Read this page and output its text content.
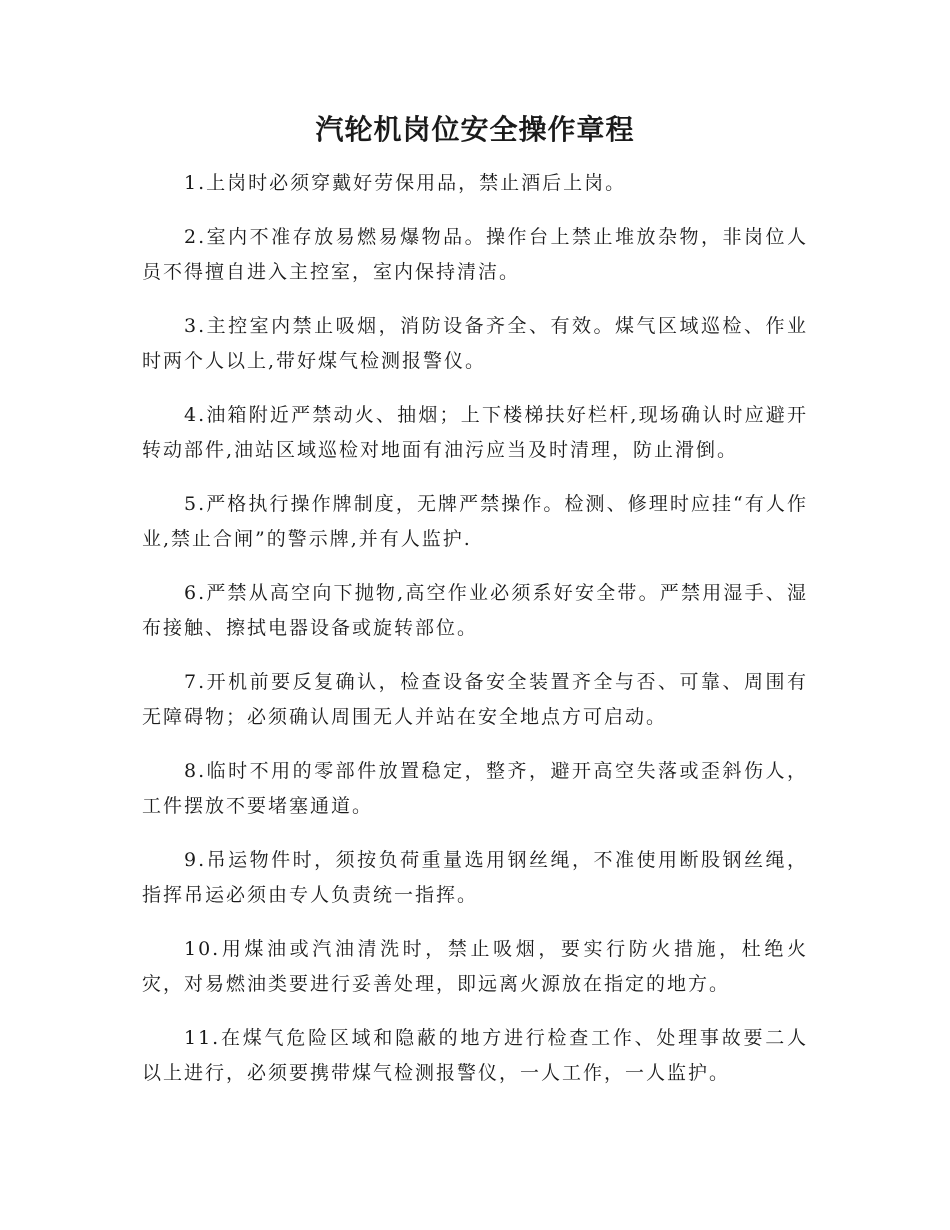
汽轮机岗位安全操作章程
1.上岗时必须穿戴好劳保用品，禁止酒后上岗。
2.室内不准存放易燃易爆物品。操作台上禁止堆放杂物，非岗位人员不得擅自进入主控室，室内保持清洁。
3.主控室内禁止吸烟，消防设备齐全、有效。煤气区域巡检、作业时两个人以上,带好煤气检测报警仪。
4.油箱附近严禁动火、抽烟；上下楼梯扶好栏杆,现场确认时应避开转动部件,油站区域巡检对地面有油污应当及时清理，防止滑倒。
5.严格执行操作牌制度，无牌严禁操作。检测、修理时应挂“有人作业,禁止合闸”的警示牌,并有人监护.
6.严禁从高空向下抛物,高空作业必须系好安全带。严禁用湿手、湿布接触、擦拭电器设备或旋转部位。
7.开机前要反复确认，检查设备安全装置齐全与否、可靠、周围有无障碍物；必须确认周围无人并站在安全地点方可启动。
8.临时不用的零部件放置稳定，整齐，避开高空失落或歪斜伤人，工件摆放不要堵塞通道。
9.吊运物件时，须按负荷重量选用钢丝绳，不准使用断股钢丝绳，指挥吊运必须由专人负责统一指挥。
10.用煤油或汽油清洗时，禁止吸烟，要实行防火措施，杜绝火灾，对易燃油类要进行妥善处理，即远离火源放在指定的地方。
11.在煤气危险区域和隐蔽的地方进行检查工作、处理事故要二人以上进行，必须要携带煤气检测报警仪，一人工作，一人监护。
